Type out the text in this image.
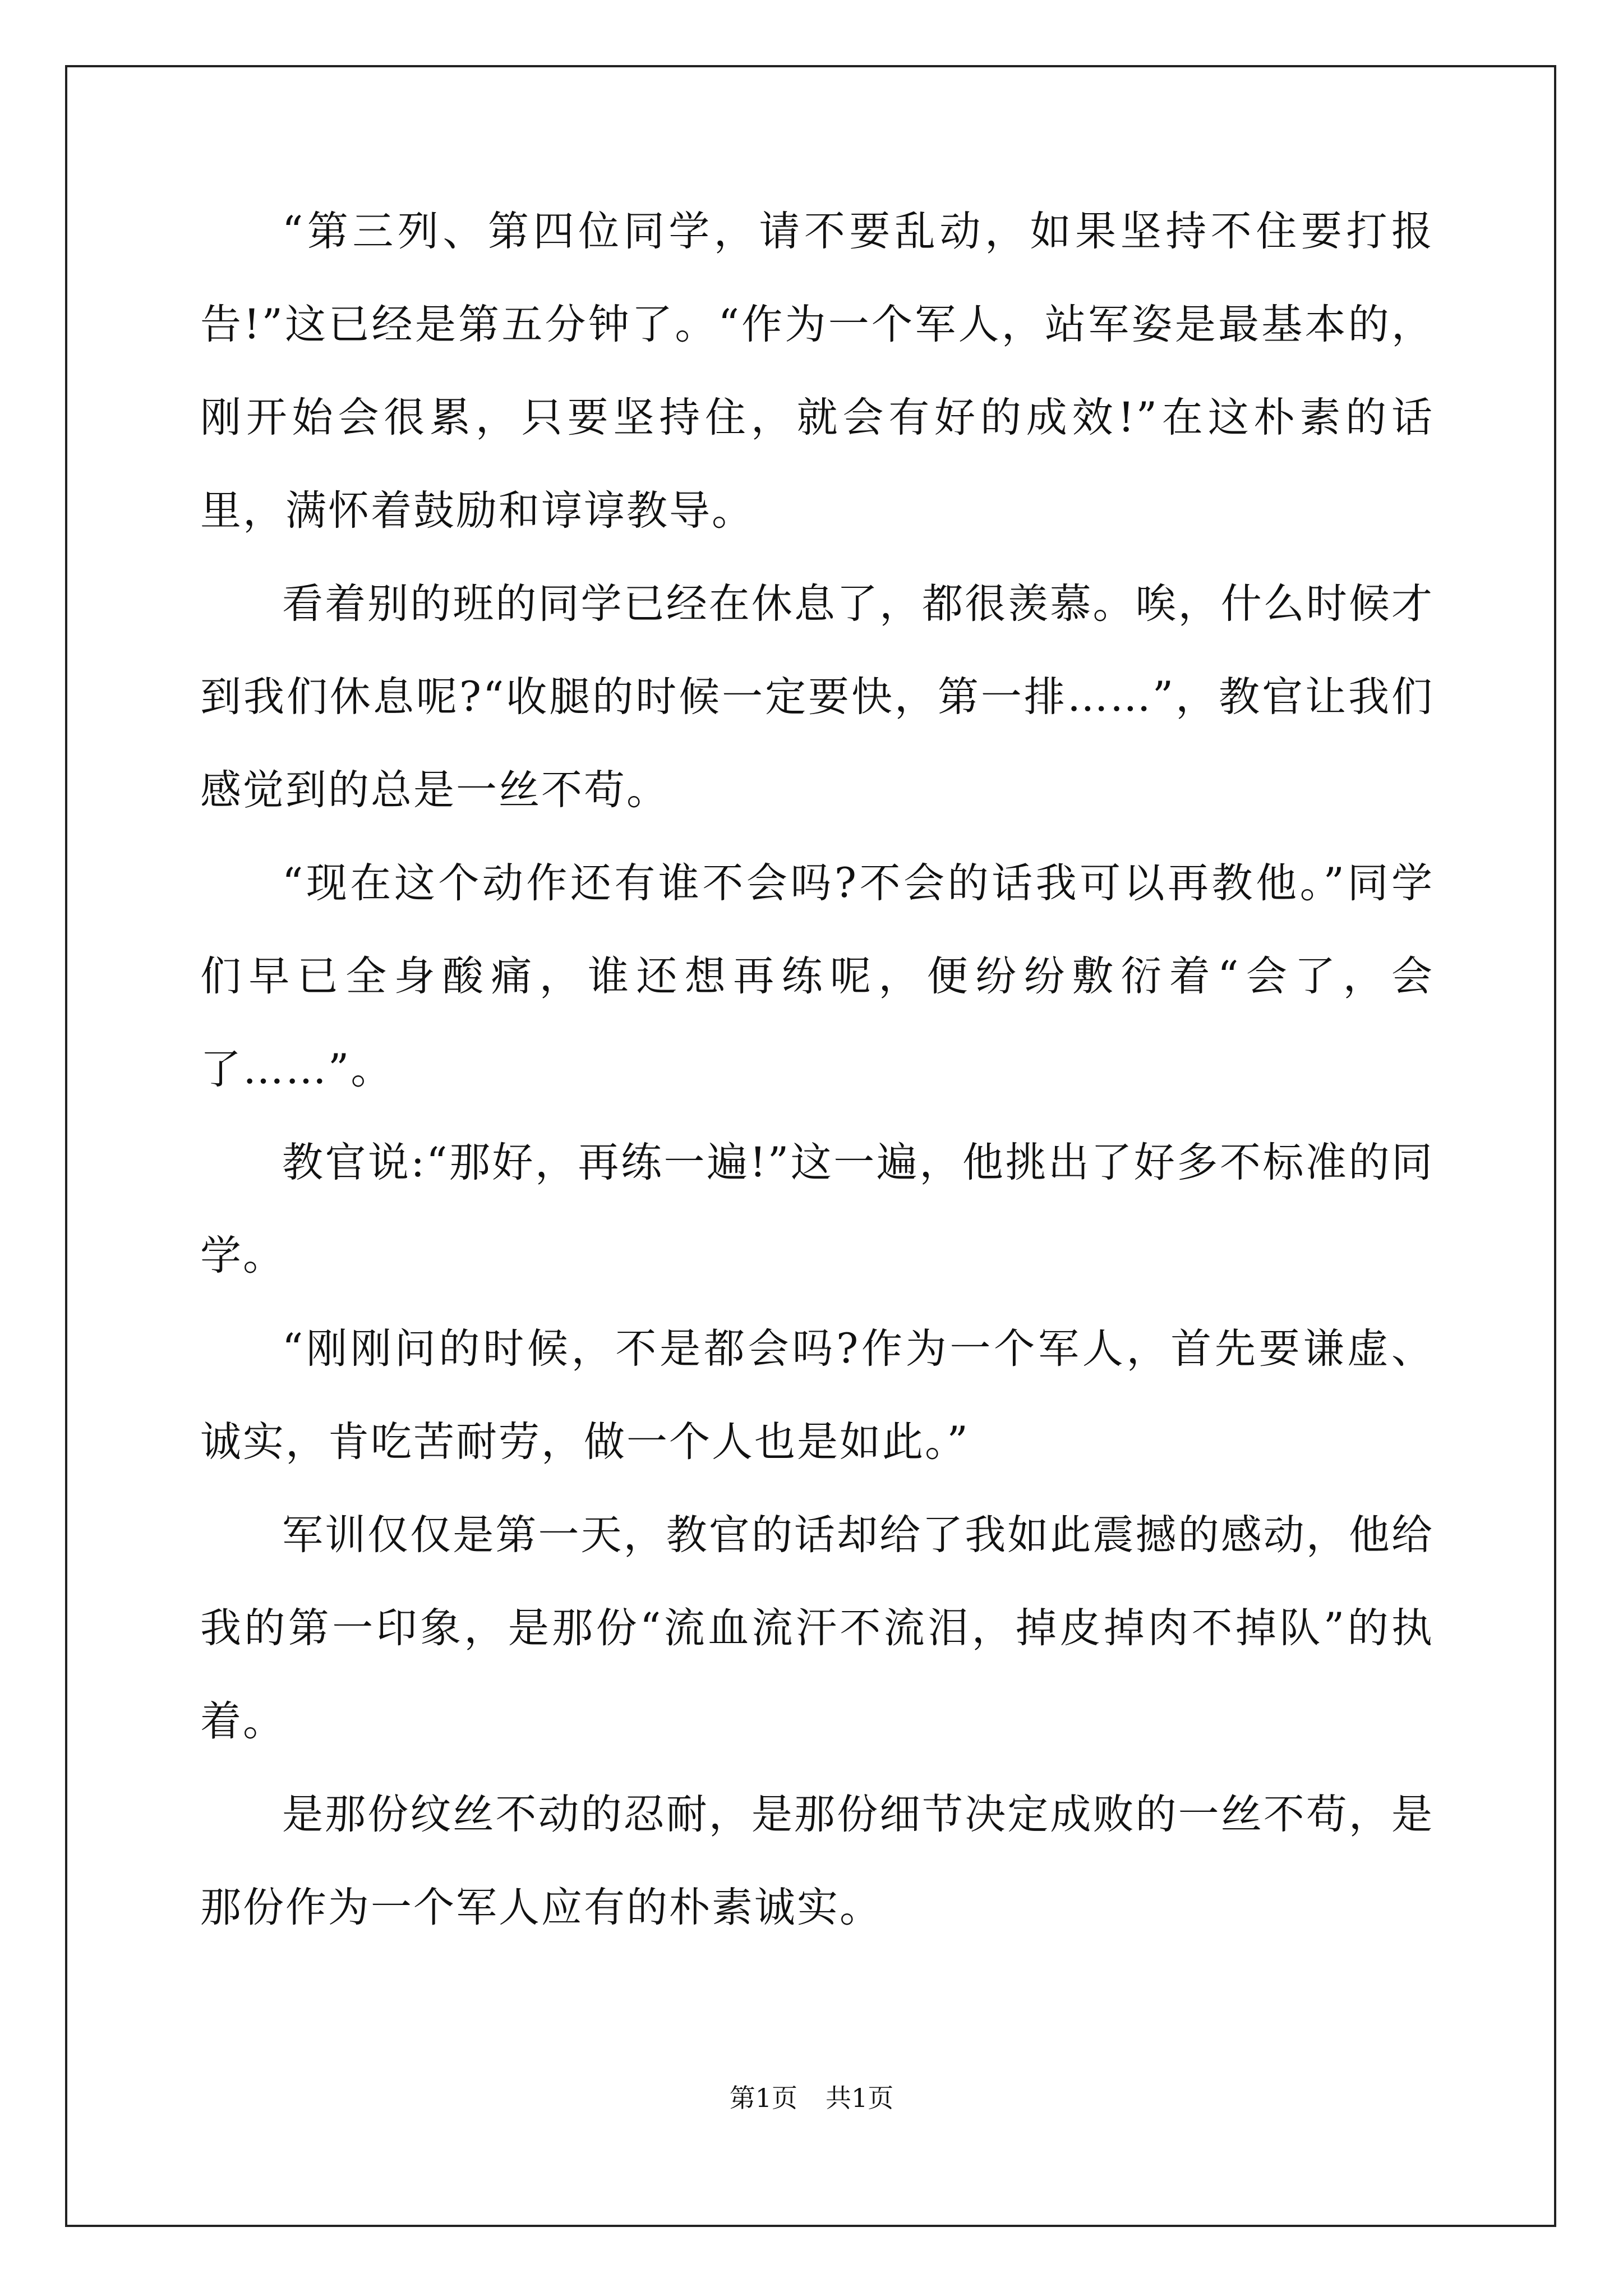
“第三列、第四位同学，请不要乱动，如果坚持不住要打报告!”这已经是第五分钟了。“作为一个军人，站军姿是最基本的，刚开始会很累，只要坚持住，就会有好的成效!”在这朴素的话里，满怀着鼓励和谆谆教导。

看着别的班的同学已经在休息了，都很羡慕。唉，什么时候才到我们休息呢?“收腿的时候一定要快，第一排……”，教官让我们感觉到的总是一丝不苟。

“现在这个动作还有谁不会吗?不会的话我可以再教他。”同学们早已全身酸痛，谁还想再练呢，便纷纷敷衍着“会了，会了……”。

教官说:“那好，再练一遍!”这一遍，他挑出了好多不标准的同学。

“刚刚问的时候，不是都会吗?作为一个军人，首先要谦虚、诚实，肯吃苦耐劳，做一个人也是如此。”

军训仅仅是第一天，教官的话却给了我如此震撼的感动，他给我的第一印象，是那份“流血流汗不流泪，掉皮掉肉不掉队”的执着。

是那份纹丝不动的忍耐，是那份细节决定成败的一丝不苟，是那份作为一个军人应有的朴素诚实。

第1页 共1页
